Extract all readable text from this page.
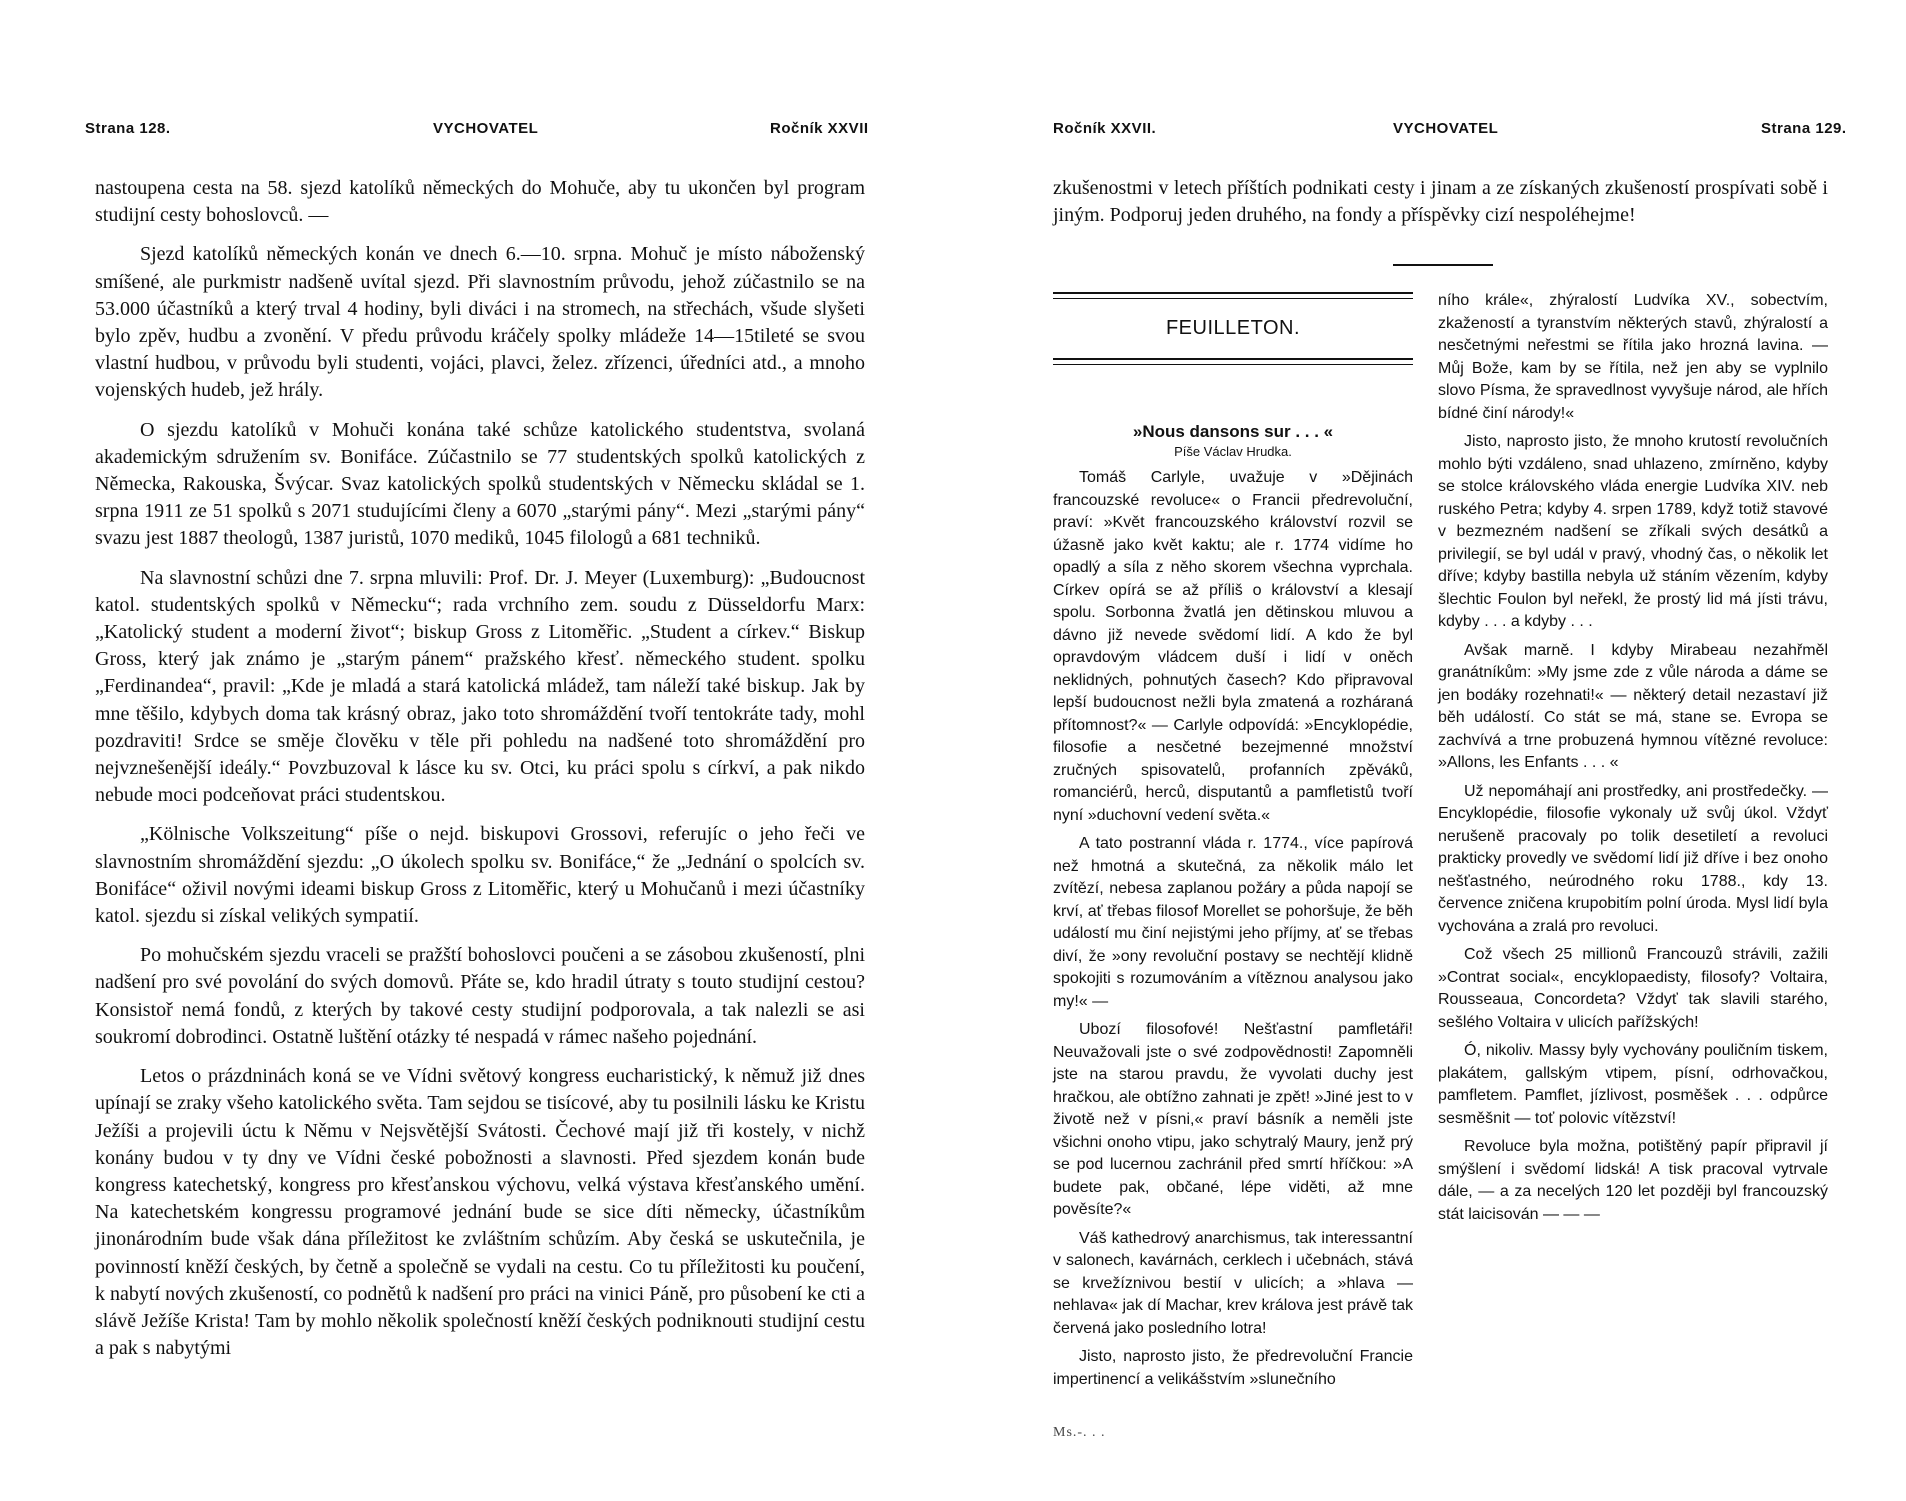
Strana 128.	VYCHOVATEL	Ročník XXVII

nastoupena cesta na 58. sjezd katolíků německých do Mohuče, aby tu ukončen byl program studijní cesty bohoslovců. —

Sjezd katolíků německých konán ve dnech 6.—10. srpna. Mohuč je místo náboženský smíšené, ale purkmistr nadšeně uvítal sjezd. Při slavnostním průvodu, jehož zúčastnilo se na 53.000 účastníků a který trval 4 hodiny, byli diváci i na stromech, na střechách, všude slyšeti bylo zpěv, hudbu a zvonění. V předu průvodu kráčely spolky mládeže 14—15tileté se svou vlastní hudbou, v průvodu byli studenti, vojáci, plavci, želez. zřízenci, úředníci atd., a mnoho vojenských hudeb, jež hrály.

O sjezdu katolíků v Mohuči konána také schůze katolického studentstva, svolaná akademickým sdružením sv. Bonifáce. Zúčastnilo se 77 studentských spolků katolických z Německa, Rakouska, Švýcar. Svaz katolických spolků studentských v Německu skládal se 1. srpna 1911 ze 51 spolků s 2071 studujícími členy a 6070 „starými pány“. Mezi „starými pány“ svazu jest 1887 theologů, 1387 juristů, 1070 mediků, 1045 filologů a 681 techniků.

Na slavnostní schůzi dne 7. srpna mluvili: Prof. Dr. J. Meyer (Luxemburg): „Budoucnost katol. studentských spolků v Německu“; rada vrchního zem. soudu z Düsseldorfu Marx: „Katolický student a moderní život“; biskup Gross z Litoměřic. „Student a církev.“ Biskup Gross, který jak známo je „starým pánem“ pražského křesť. německého student. spolku „Ferdinandea“, pravil: „Kde je mladá a stará katolická mládež, tam náleží také biskup. Jak by mne těšilo, kdybych doma tak krásný obraz, jako toto shromáždění tvoří tentokráte tady, mohl pozdraviti! Srdce se směje člověku v těle při pohledu na nadšené toto shromáždění pro nejvznešenější ideály.“ Povzbuzoval k lásce ku sv. Otci, ku práci spolu s církví, a pak nikdo nebude moci podceňovat práci studentskou.

„Kölnische Volkszeitung“ píše o nejd. biskupovi Grossovi, referujíc o jeho řeči ve slavnostním shromáždění sjezdu: „O úkolech spolku sv. Bonifáce,“ že „Jednání o spolcích sv. Bonifáce“ oživil novými ideami biskup Gross z Litoměřic, který u Mohučanů i mezi účastníky katol. sjezdu si získal velikých sympatií.

Po mohučském sjezdu vraceli se pražští bohoslovci poučeni a se zásobou zkušeností, plni nadšení pro své povolání do svých domovů. Přáte se, kdo hradil útraty s touto studijní cestou? Konsistoř nemá fondů, z kterých by takové cesty studijní podporovala, a tak nalezli se asi soukromí dobrodinci. Ostatně luštění otázky té nespadá v rámec našeho pojednání.

Letos o prázdninách koná se ve Vídni světový kongress eucharistický, k němuž již dnes upínají se zraky všeho katolického světa. Tam sejdou se tisícové, aby tu posilnili lásku ke Kristu Ježíši a projevili úctu k Němu v Nejsvětější Svátosti. Čechové mají již tři kostely, v nichž konány budou v ty dny ve Vídni české pobožnosti a slavnosti. Před sjezdem konán bude kongress katechetský, kongress pro křesťanskou výchovu, velká výstava křesťanského umění. Na katechetském kongressu programové jednání bude se sice díti německy, účastníkům jinonárodním bude však dána příležitost ke zvláštním schůzím. Aby česká se uskutečnila, je povinností kněží českých, by četně a společně se vydali na cestu. Co tu příležitosti ku poučení, k nabytí nových zkušeností, co podnětů k nadšení pro práci na vinici Páně, pro působení ke cti a slávě Ježíše Krista! Tam by mohlo několik společností kněží českých podniknouti studijní cestu a pak s nabytými

Ročník XXVII.	VYCHOVATEL	Strana 129.

zkušenostmi v letech příštích podnikati cesty i jinam a ze získaných zkušeností prospívati sobě i jiným. Podporuj jeden druhého, na fondy a příspěvky cizí nespoléhejme!

FEUILLETON.
»Nous dansons sur . . . «
Píše Václav Hrudka.

Tomáš Carlyle, uvažuje v »Dějinách francouzské revoluce« o Francii předrevoluční, praví: »Květ francouzského království rozvil se úžasně jako květ kaktu; ale r. 1774 vidíme ho opadlý a síla z něho skorem všechna vyprchala. Církev opírá se až příliš o království a klesají spolu. Sorbonna žvatlá jen dětinskou mluvou a dávno již nevede svědomí lidí. A kdo že byl opravdovým vládcem duší i lidí v oněch neklidných, pohnutých časech? Kdo připravoval lepší budoucnost nežli byla zmatená a rozháraná přítomnost?« — Carlyle odpovídá: »Encyklopédie, filosofie a nesčetné bezejmenné množství zručných spisovatelů, profanních zpěváků, romanciérů, herců, disputantů a pamfletistů tvoří nyní »duchovní vedení světa.«

A tato postranní vláda r. 1774., více papírová než hmotná a skutečná, za několik málo let zvítězí, nebesa zaplanou požáry a půda napojí se krví, ať třebas filosof Morellet se pohoršuje, že běh událostí mu činí nejistými jeho příjmy, ať se třebas diví, že »ony revoluční postavy se nechtějí klidně spokojiti s rozumováním a vítěznou analysou jako my!« —

Ubozí filosofové! Nešťastní pamfletáři! Neuvažovali jste o své zodpovědnosti! Zapomněli jste na starou pravdu, že vyvolati duchy jest hračkou, ale obtížno zahnati je zpět! »Jiné jest to v životě než v písni,« praví básník a neměli jste všichni onoho vtipu, jako schytralý Maury, jenž prý se pod lucernou zachránil před smrtí hříčkou: »A budete pak, občané, lépe viděti, až mne pověsíte?«

Váš kathedrový anarchismus, tak interessantní v salonech, kavárnách, cerklech i učebnách, stává se krvežíznivou bestií v ulicích; a »hlava — nehlava« jak dí Machar, krev králova jest právě tak červená jako posledního lotra!

Jisto, naprosto jisto, že předrevoluční Francie impertinencí a velikášstvím »slunečního

ního krále«, zhýralostí Ludvíka XV., sobectvím, zkažeností a tyranstvím některých stavů, zhýralostí a nesčetnými neřestmi se řítila jako hrozná lavina. — Můj Bože, kam by se řítila, než jen aby se vyplnilo slovo Písma, že spravedlnost vyvyšuje národ, ale hřích bídné činí národy!«

Jisto, naprosto jisto, že mnoho krutostí revolučních mohlo býti vzdáleno, snad uhlazeno, zmírněno, kdyby se stolce královského vláda energie Ludvíka XIV. neb ruského Petra; kdyby 4. srpen 1789, když totiž stavové v bezmezném nadšení se zříkali svých desátků a privilegií, se byl udál v pravý, vhodný čas, o několik let dříve; kdyby bastilla nebyla už stáním vězením, kdyby šlechtic Foulon byl neřekl, že prostý lid má jísti trávu, kdyby . . . a kdyby . . .

Avšak marně. I kdyby Mirabeau nezahřměl granátníkům: »My jsme zde z vůle národa a dáme se jen bodáky rozehnati!« — některý detail nezastaví již běh událostí. Co stát se má, stane se. Evropa se zachvívá a trne probuzená hymnou vítězné revoluce: »Allons, les Enfants . . . «

Už nepomáhají ani prostředky, ani prostředečky. — Encyklopédie, filosofie vykonaly už svůj úkol. Vždyť nerušeně pracovaly po tolik desetiletí a revoluci prakticky provedly ve svědomí lidí již dříve i bez onoho nešťastného, neúrodného roku 1788., kdy 13. července zničena krupobitím polní úroda. Mysl lidí byla vychována a zralá pro revoluci.

Což všech 25 millionů Francouzů strávili, zažili »Contrat social«, encyklopaedisty, filosofy? Voltaira, Rousseaua, Concordeta? Vždyť tak slavili starého, sešlého Voltaira v ulicích pařížských!

Ó, nikoliv. Massy byly vychovány pouličním tiskem, plakátem, gallským vtipem, písní, odrhovačkou, pamfletem. Pamflet, jízlivost, posměšek . . . odpůrce sesměšnit — toť polovic vítězství!

Revoluce byla možna, potištěný papír připravil jí smýšlení i svědomí lidská! A tisk pracoval vytrvale dále, — a za necelých 120 let později byl francouzský stát laicisován — — —

Ms.-. . .
